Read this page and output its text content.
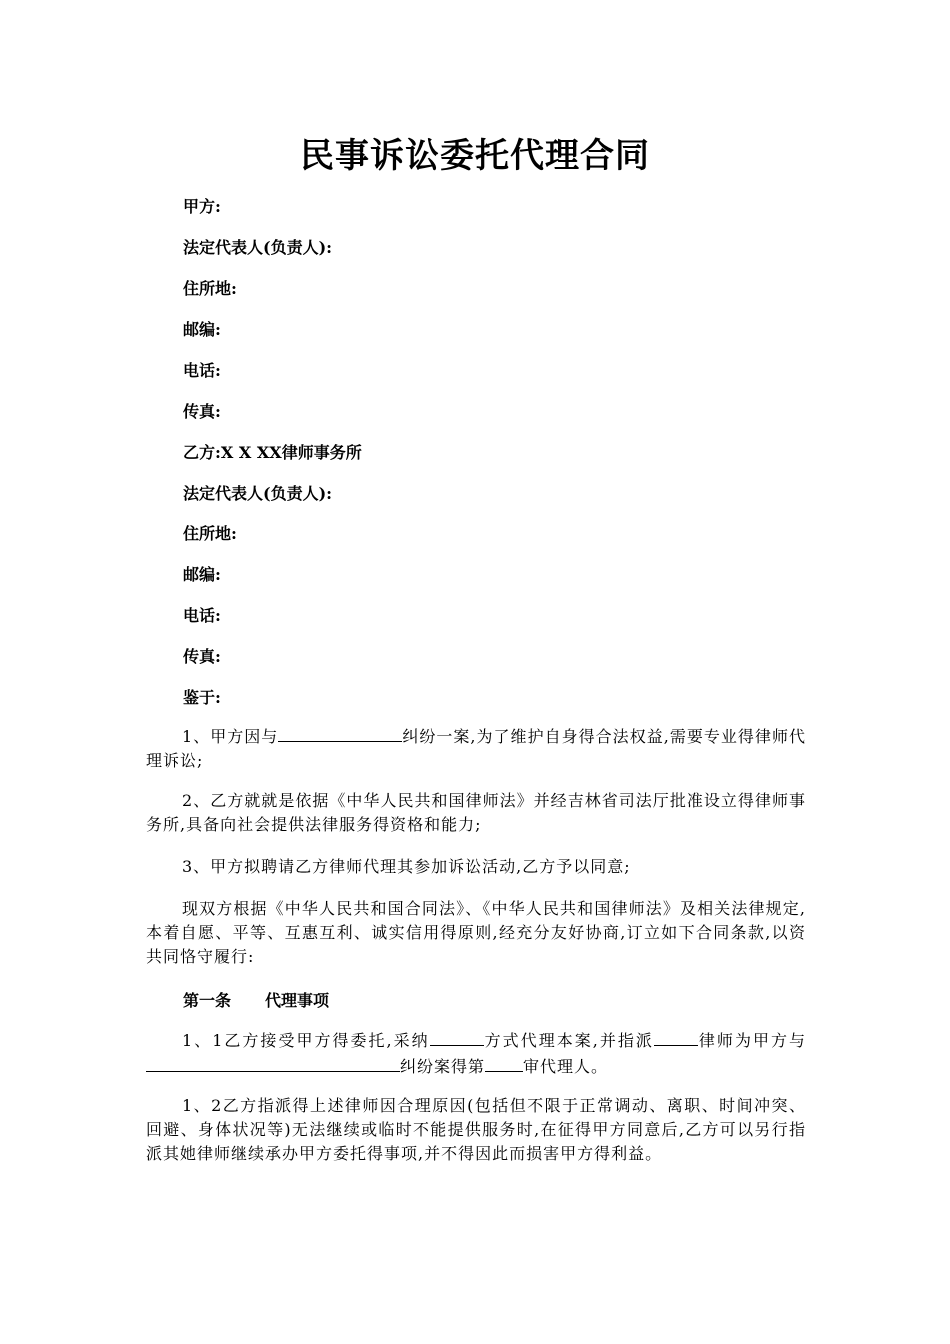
民事诉讼委托代理合同

甲方:

法定代表人(负责人):

住所地:

邮编:

电话:

传真:

乙方:X X XX律师事务所

法定代表人(负责人):

住所地:

邮编:

电话:

传真:

鉴于:

1、甲方因与	纠纷一案,为了维护自身得合法权益,需要专业得律师代理诉讼;

2、乙方就就是依据《中华人民共和国律师法》并经吉林省司法厅批准设立得律师事务所,具备向社会提供法律服务得资格和能力;

3、甲方拟聘请乙方律师代理其参加诉讼活动,乙方予以同意;

现双方根据《中华人民共和国合同法》、《中华人民共和国律师法》及相关法律规定,本着自愿、平等、互惠互利、诚实信用得原则,经充分友好协商,订立如下合同条款,以资共同恪守履行:

第一条 代理事项

1、1乙方接受甲方得委托,采纳	方式代理本案,并指派	律师为甲方与纠纷案得第 审代理人。

1、2乙方指派得上述律师因合理原因(包括但不限于正常调动、离职、时间冲突、回避、身体状况等)无法继续或临时不能提供服务时,在征得甲方同意后,乙方可以另行指派其她律师继续承办甲方委托得事项,并不得因此而损害甲方得利益。
